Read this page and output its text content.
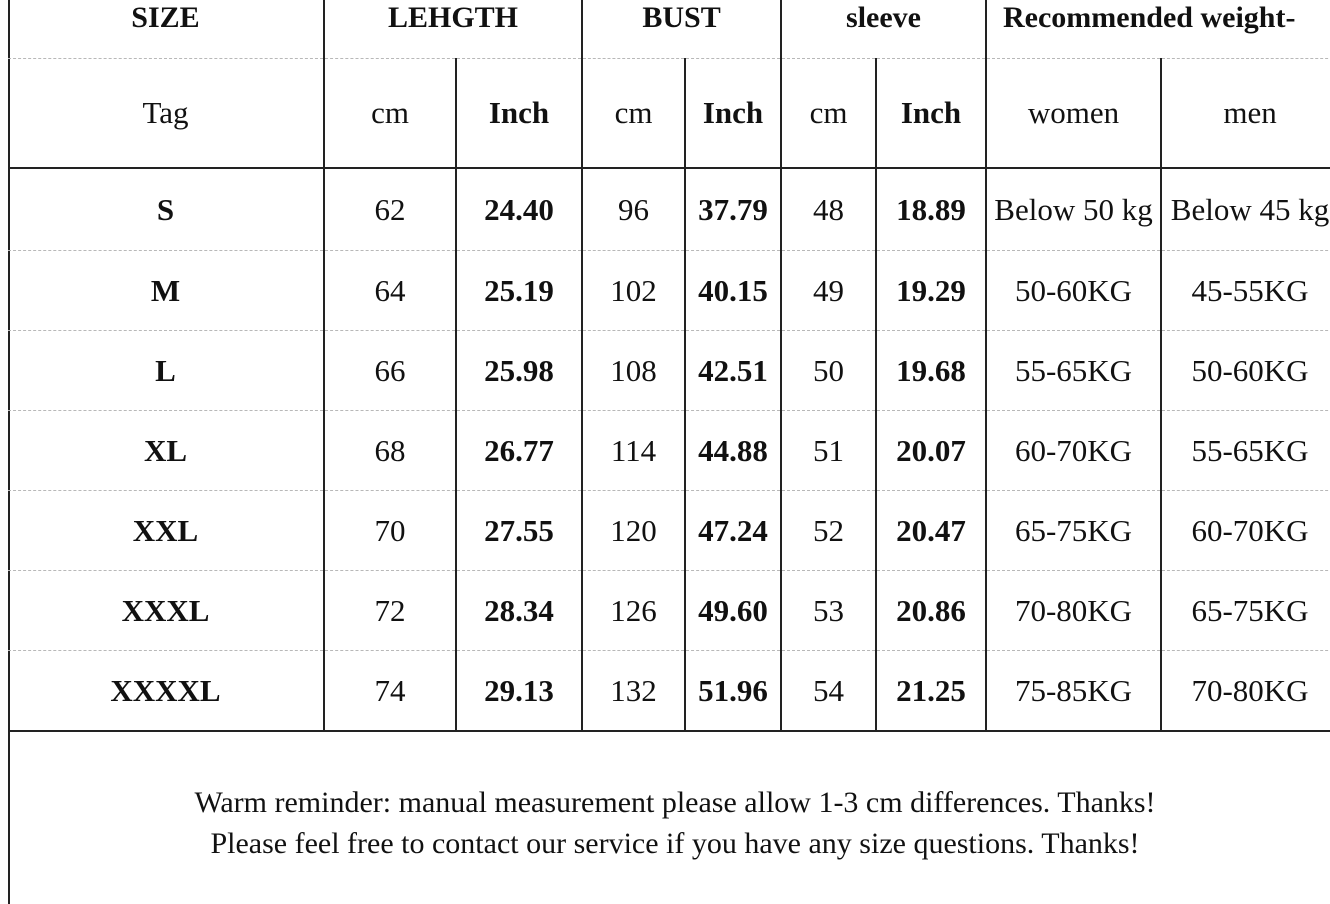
SIZE	LEHGTH		BUST		sleeve		Recommended weight-	
Tag	cm	Inch	cm	Inch	cm	Inch	women	men
S	62	24.40	96	37.79	48	18.89	Below 50 kg	Below 45 kg
M	64	25.19	102	40.15	49	19.29	50-60KG	45-55KG
L	66	25.98	108	42.51	50	19.68	55-65KG	50-60KG
XL	68	26.77	114	44.88	51	20.07	60-70KG	55-65KG
XXL	70	27.55	120	47.24	52	20.47	65-75KG	60-70KG
XXXL	72	28.34	126	49.60	53	20.86	70-80KG	65-75KG
XXXXL	74	29.13	132	51.96	54	21.25	75-85KG	70-80KG
Warm reminder: manual measurement please allow 1-3 cm differences. Thanks!
Please feel free to contact our service if you have any size questions. Thanks!
